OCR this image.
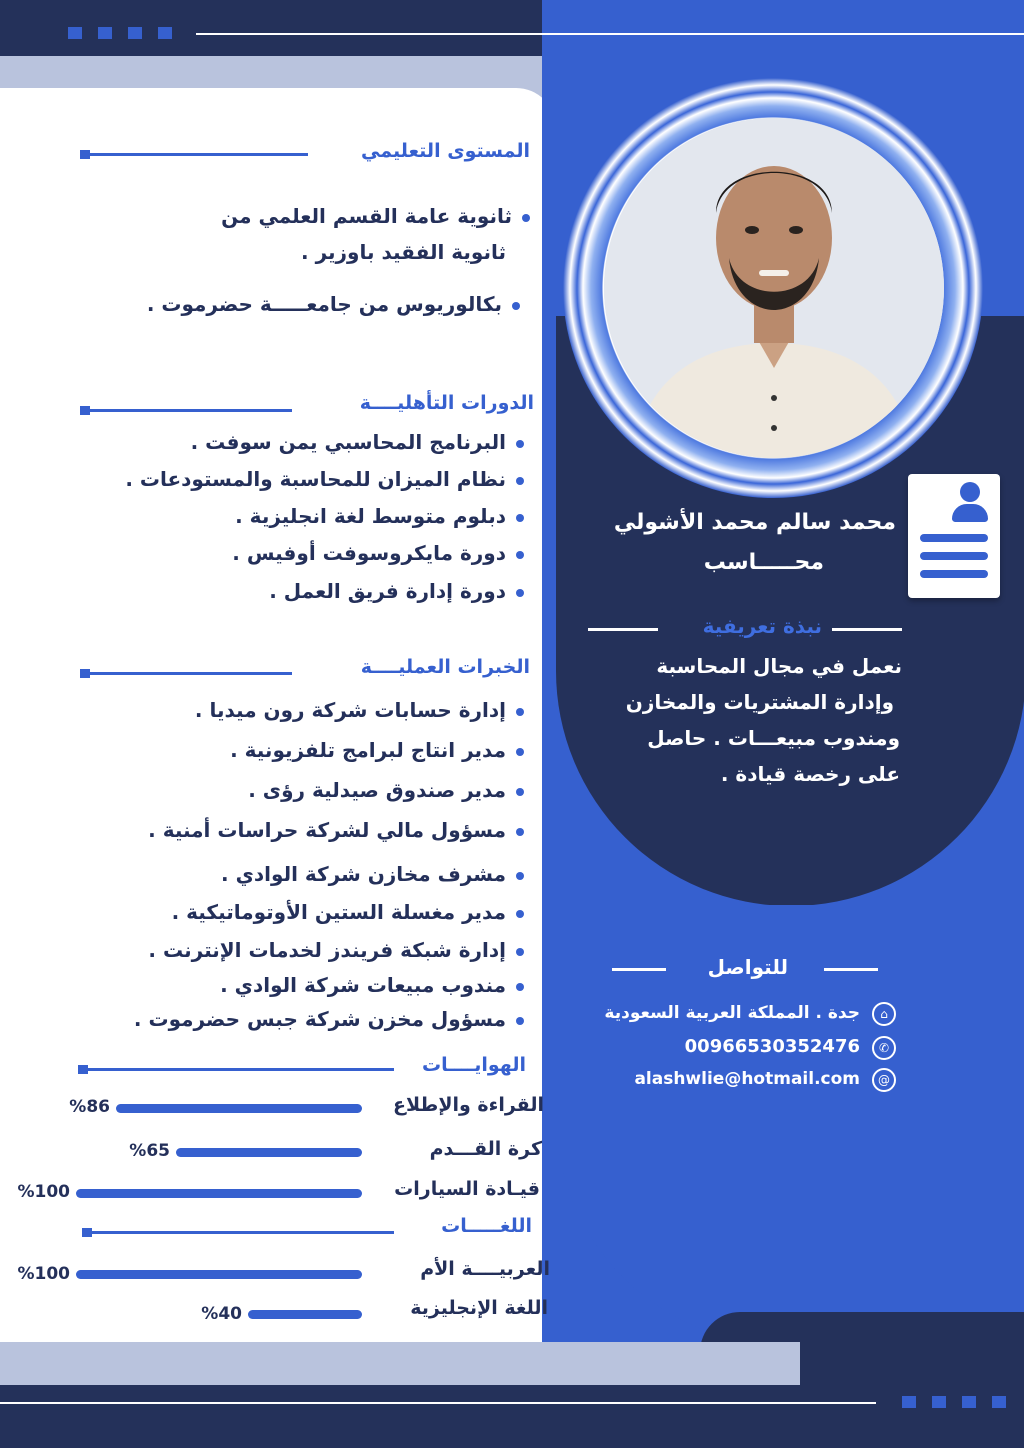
محمد سالم محمد الأشولي
محـــــاسب
نبذة تعريفية
نعمل في مجال المحاسبة
وإدارة المشتريات والمخازن
ومندوب مبيعـــات . حاصل
على رخصة قيادة .
للتواصل
⌂
جدة . المملكة العربية السعودية
✆
00966530352476
@
alashwlie@hotmail.com
المستوى التعليمي
ثانوية عامة القسم العلمي من
ثانوية الفقيد باوزير .
بكالوريوس من جامعـــــة حضرموت .
الدورات التأهليــــة
البرنامج المحاسبي يمن سوفت .
نظام الميزان للمحاسبة والمستودعات .
دبلوم متوسط لغة انجليزية .
دورة مايكروسوفت أوفيس .
دورة إدارة فريق العمل .
الخبرات العمليــــة
إدارة حسابات شركة رون ميديا .
مدير انتاج لبرامج تلفزيونية .
مدير صندوق صيدلية رؤى .
مسؤول مالي لشركة حراسات أمنية .
مشرف مخازن شركة الوادي .
مدير مغسلة الستين الأوتوماتيكية .
إدارة شبكة فريندز لخدمات الإنترنت .
مندوب مبيعات شركة الوادي .
مسؤول مخزن شركة جبس حضرموت .
الهوايــــات
القراءة والإطلاع
%86
كرة القـــدم
%65
قيـادة السيارات
%100
اللغـــــات
العربيــــة الأم
%100
اللغة الإنجليزية
%40
